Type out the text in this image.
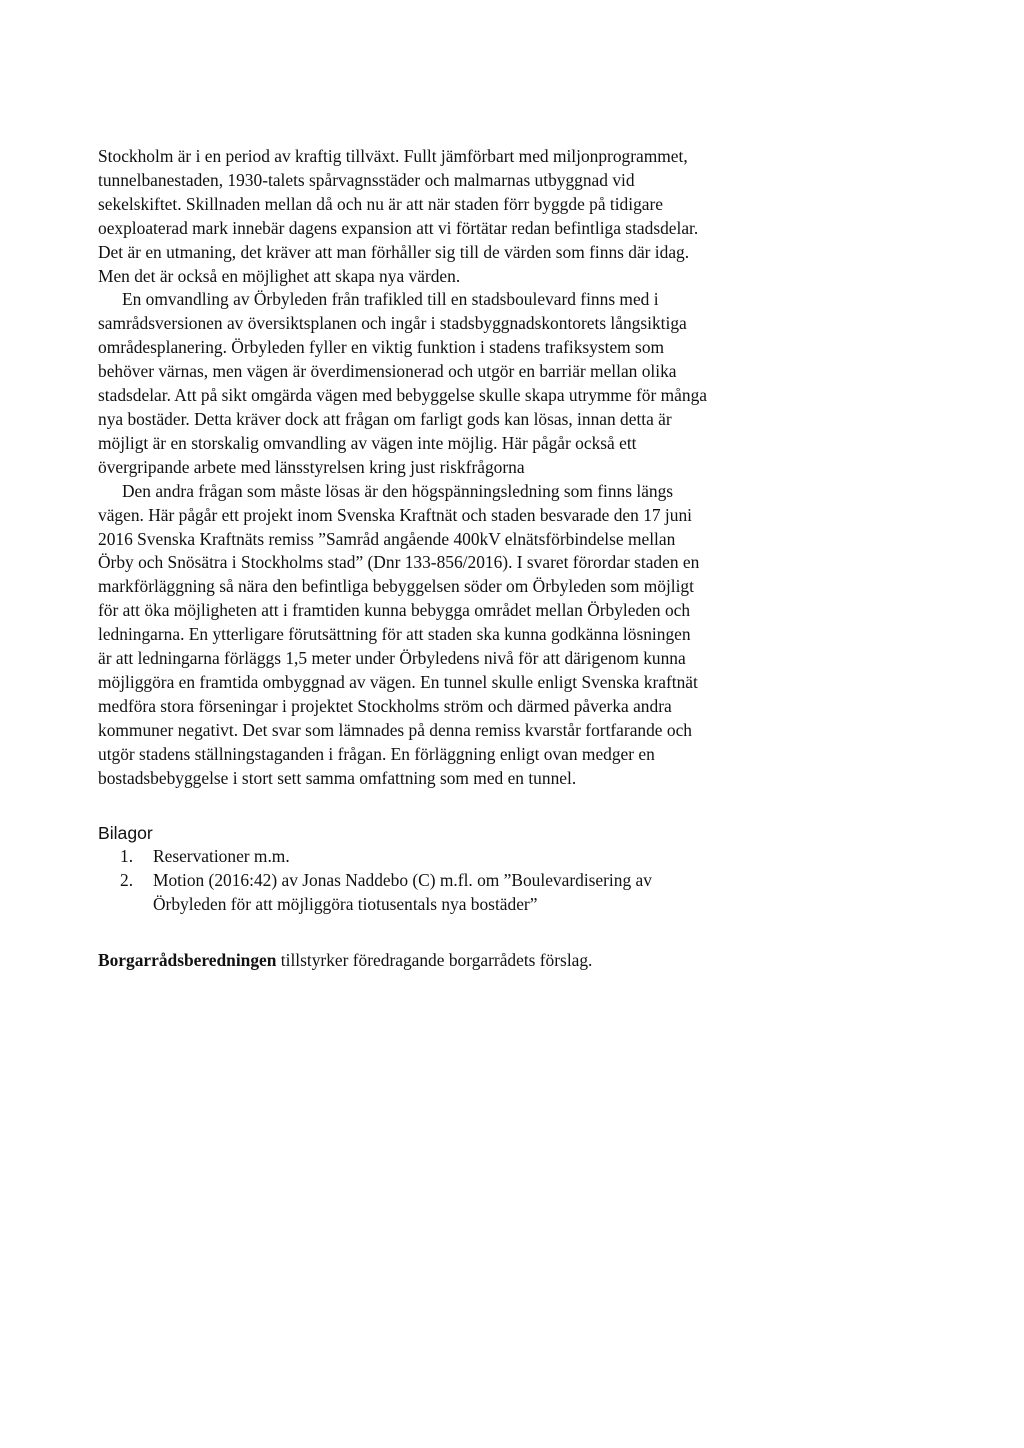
Stockholm är i en period av kraftig tillväxt. Fullt jämförbart med miljonprogrammet, tunnelbanestaden, 1930-talets spårvagnsstäder och malmarnas utbyggnad vid sekelskiftet. Skillnaden mellan då och nu är att när staden förr byggde på tidigare oexploaterad mark innebär dagens expansion att vi förtätar redan befintliga stadsdelar. Det är en utmaning, det kräver att man förhåller sig till de värden som finns där idag. Men det är också en möjlighet att skapa nya värden.

En omvandling av Örbyleden från trafikled till en stadsboulevard finns med i samrådsversionen av översiktsplanen och ingår i stadsbyggnadskontorets långsiktiga områdesplanering. Örbyleden fyller en viktig funktion i stadens trafiksystem som behöver värnas, men vägen är överdimensionerad och utgör en barriär mellan olika stadsdelar. Att på sikt omgärda vägen med bebyggelse skulle skapa utrymme för många nya bostäder. Detta kräver dock att frågan om farligt gods kan lösas, innan detta är möjligt är en storskalig omvandling av vägen inte möjlig. Här pågår också ett övergripande arbete med länsstyrelsen kring just riskfrågorna

Den andra frågan som måste lösas är den högspänningsledning som finns längs vägen. Här pågår ett projekt inom Svenska Kraftnät och staden besvarade den 17 juni 2016 Svenska Kraftnäts remiss ”Samråd angående 400kV elnätsförbindelse mellan Örby och Snösätra i Stockholms stad” (Dnr 133-856/2016). I svaret förordar staden en markförläggning så nära den befintliga bebyggelsen söder om Örbyleden som möjligt för att öka möjligheten att i framtiden kunna bebygga området mellan Örbyleden och ledningarna. En ytterligare förutsättning för att staden ska kunna godkänna lösningen är att ledningarna förläggs 1,5 meter under Örbyledens nivå för att därigenom kunna möjliggöra en framtida ombyggnad av vägen. En tunnel skulle enligt Svenska kraftnät medföra stora förseningar i projektet Stockholms ström och därmed påverka andra kommuner negativt. Det svar som lämnades på denna remiss kvarstår fortfarande och utgör stadens ställningstaganden i frågan. En förläggning enligt ovan medger en bostadsbebyggelse i stort sett samma omfattning som med en tunnel.

Bilagor
1. Reservationer m.m.
2. Motion (2016:42) av Jonas Naddebo (C) m.fl. om ”Boulevardisering av Örbyleden för att möjliggöra tiotusentals nya bostäder”

Borgarrådsberedningen tillstyrker föredragande borgarrådets förslag.
